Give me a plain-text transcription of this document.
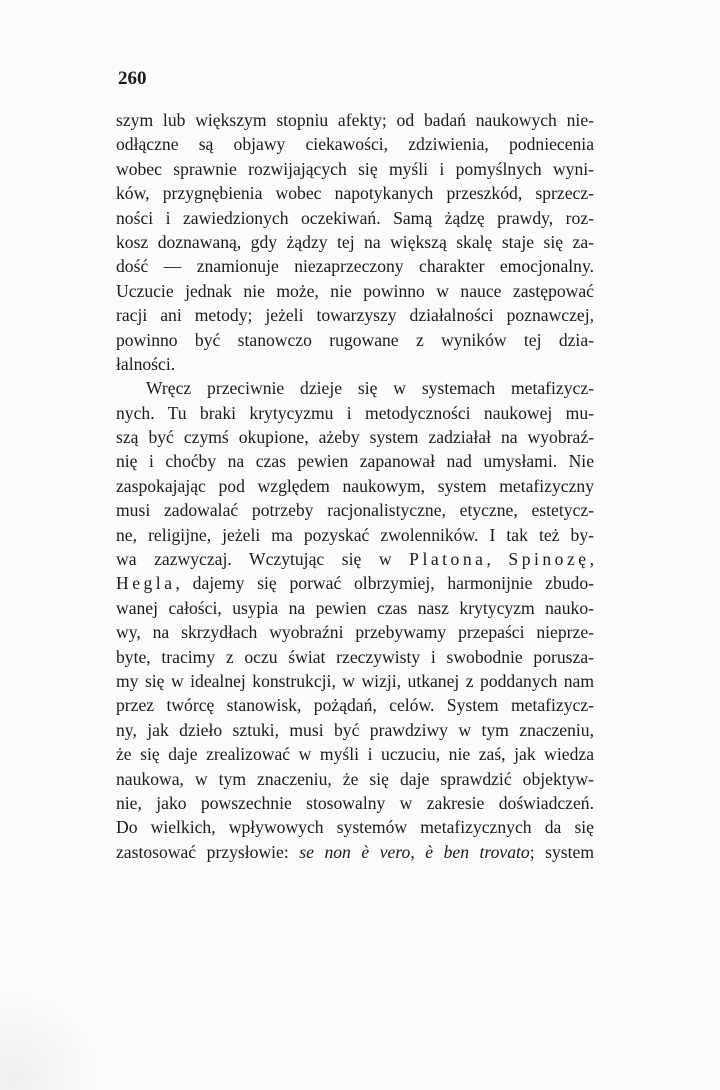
260
szym lub większym stopniu afekty; od badań naukowych nie-
odłączne są objawy ciekawości, zdziwienia, podniecenia
wobec sprawnie rozwijających się myśli i pomyślnych wyni-
ków, przygnębienia wobec napotykanych przeszkód, sprzecz-
ności i zawiedzionych oczekiwań. Samą żądzę prawdy, roz-
kosz doznawaną, gdy żądzy tej na większą skalę staje się za-
dość — znamionuje niezaprzeczony charakter emocjonalny.
Uczucie jednak nie może, nie powinno w nauce zastępować
racji ani metody; jeżeli towarzyszy działalności poznawczej,
powinno być stanowczo rugowane z wyników tej dzia-
łalności.
Wręcz przeciwnie dzieje się w systemach metafizycz-
nych. Tu braki krytycyzmu i metodyczności naukowej mu-
szą być czymś okupione, ażeby system zadziałał na wyobraź-
nię i choćby na czas pewien zapanował nad umysłami. Nie
zaspokajając pod względem naukowym, system metafizyczny
musi zadowalać potrzeby racjonalistyczne, etyczne, estetycz-
ne, religijne, jeżeli ma pozyskać zwolenników. I tak też by-
wa zazwyczaj. Wczytując się w Platona, Spinozę,
Hegla, dajemy się porwać olbrzymiej, harmonijnie zbudo-
wanej całości, usypia na pewien czas nasz krytycyzm nauko-
wy, na skrzydłach wyobraźni przebywamy przepaści nieprze-
byte, tracimy z oczu świat rzeczywisty i swobodnie porusza-
my się w idealnej konstrukcji, w wizji, utkanej z poddanych nam
przez twórcę stanowisk, pożądań, celów. System metafizycz-
ny, jak dzieło sztuki, musi być prawdziwy w tym znaczeniu,
że się daje zrealizować w myśli i uczuciu, nie zaś, jak wiedza
naukowa, w tym znaczeniu, że się daje sprawdzić objektyw-
nie, jako powszechnie stosowalny w zakresie doświadczeń.
Do wielkich, wpływowych systemów metafizycznych da się
zastosować przysłowie: se non è vero, è ben trovato; system
